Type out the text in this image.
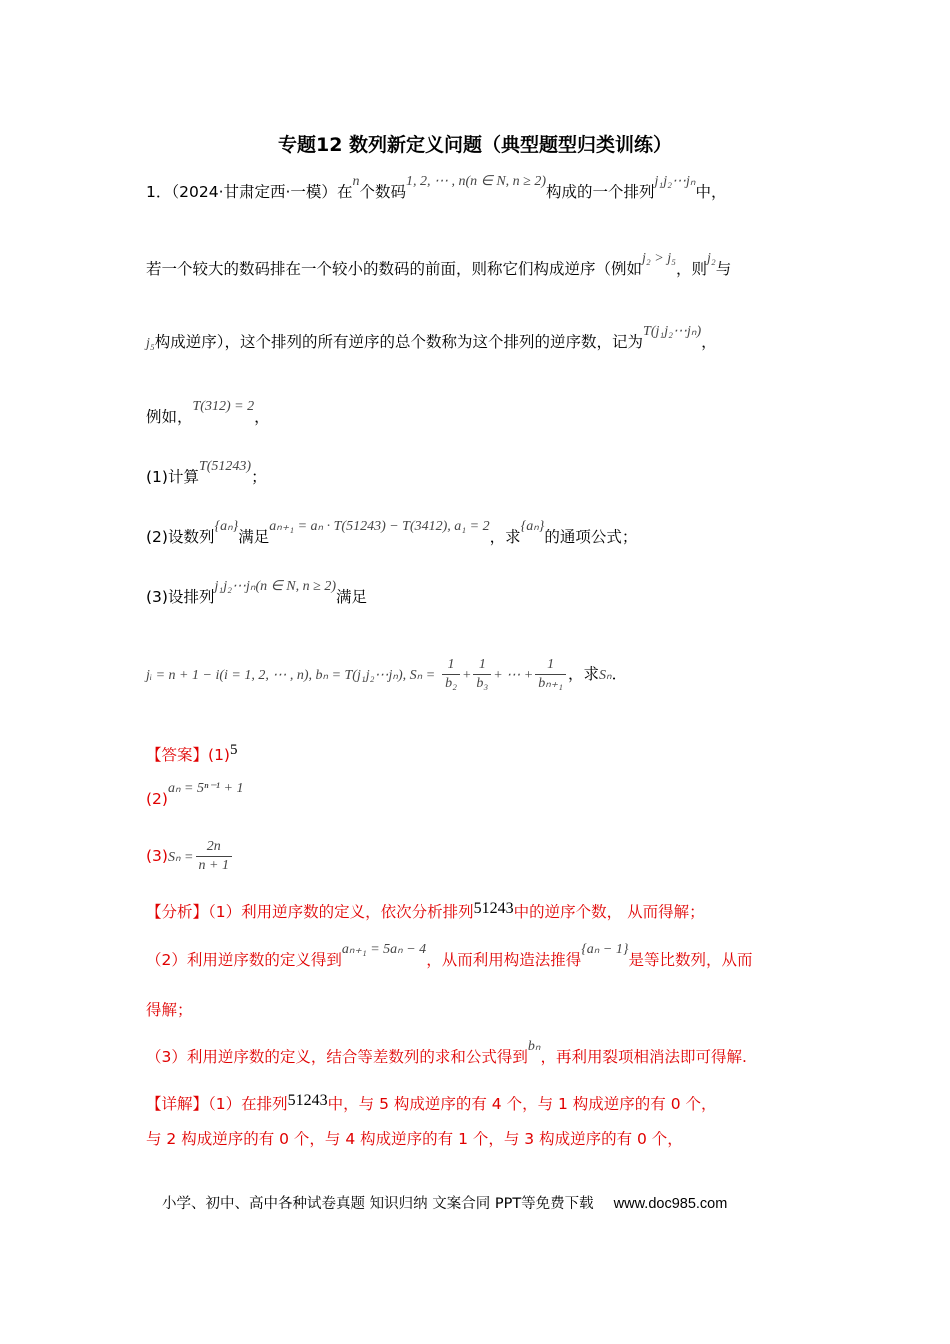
专题12 数列新定义问题（典型题型归类训练）
1．（2024·甘肃定西·一模）在n个数码1, 2, ⋯ , n(n ∈ N, n ≥ 2)构成的一个排列j₁j₂⋯jₙ中，
若一个较大的数码排在一个较小的数码的前面，则称它们构成逆序（例如j₂ > j₅，则j₂与
j₅构成逆序），这个排列的所有逆序的总个数称为这个排列的逆序数，记为T(j₁j₂⋯jₙ)，
例如，T(312) = 2，
(1)计算T(51243)；
(2)设数列{aₙ}满足aₙ₊₁ = aₙ · T(51243) − T(3412), a₁ = 2，求{aₙ}的通项公式；
(3)设排列j₁j₂⋯jₙ(n ∈ N, n ≥ 2)满足
jᵢ = n + 1 − i(i = 1, 2, ⋯ , n), bₙ = T(j₁j₂⋯jₙ), $S_n = \frac{1}{\text{b₂}} + \frac{1}{\text{b₃}}$ + ⋯ + $\frac{1}{\text{bₙ₊₁}}$ ，求Sₙ．
【答案】(1)5
(2)aₙ = 5ⁿ⁻¹ + 1
$(3)S_n = \frac{2n}{n + 1}$
【分析】（1）利用逆序数的定义，依次分析排列51243中的逆序个数， 从而得解；
（2）利用逆序数的定义得到aₙ₊₁ = 5aₙ − 4，从而利用构造法推得{aₙ − 1}是等比数列，从而
得解；
（3）利用逆序数的定义，结合等差数列的求和公式得到bₙ，再利用裂项相消法即可得解.
【详解】（1）在排列51243中，与 5 构成逆序的有 4 个，与 1 构成逆序的有 0 个，
与 2 构成逆序的有 0 个，与 4 构成逆序的有 1 个，与 3 构成逆序的有 0 个，
小学、初中、高中各种试卷真题 知识归纳 文案合同 PPT等免费下载 www.doc985.com
